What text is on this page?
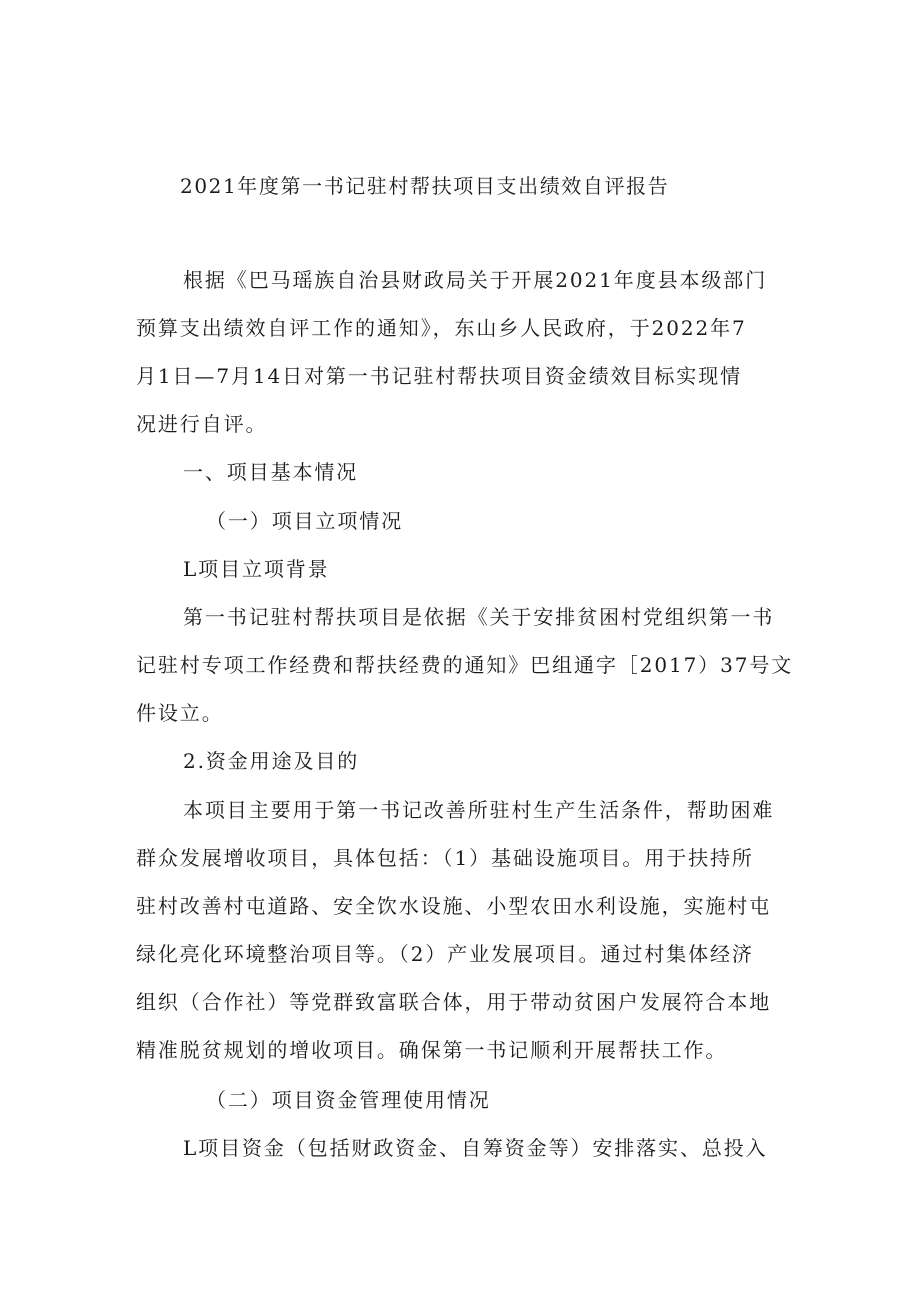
2021年度第一书记驻村帮扶项目支出绩效自评报告
根据《巴马瑶族自治县财政局关于开展2021年度县本级部门
预算支出绩效自评工作的通知》，东山乡人民政府，于2022年7
月1日—7月14日对第一书记驻村帮扶项目资金绩效目标实现情
况进行自评。
一、项目基本情况
（一）项目立项情况
L项目立项背景
第一书记驻村帮扶项目是依据《关于安排贫困村党组织第一书
记驻村专项工作经费和帮扶经费的通知》巴组通字［2017）37号文
件设立。
2.资金用途及目的
本项目主要用于第一书记改善所驻村生产生活条件，帮助困难
群众发展增收项目，具体包括：（1）基础设施项目。用于扶持所
驻村改善村屯道路、安全饮水设施、小型农田水利设施，实施村屯
绿化亮化环境整治项目等。（2）产业发展项目。通过村集体经济
组织（合作社）等党群致富联合体，用于带动贫困户发展符合本地
精准脱贫规划的增收项目。确保第一书记顺利开展帮扶工作。
（二）项目资金管理使用情况
L项目资金（包括财政资金、自筹资金等）安排落实、总投入
